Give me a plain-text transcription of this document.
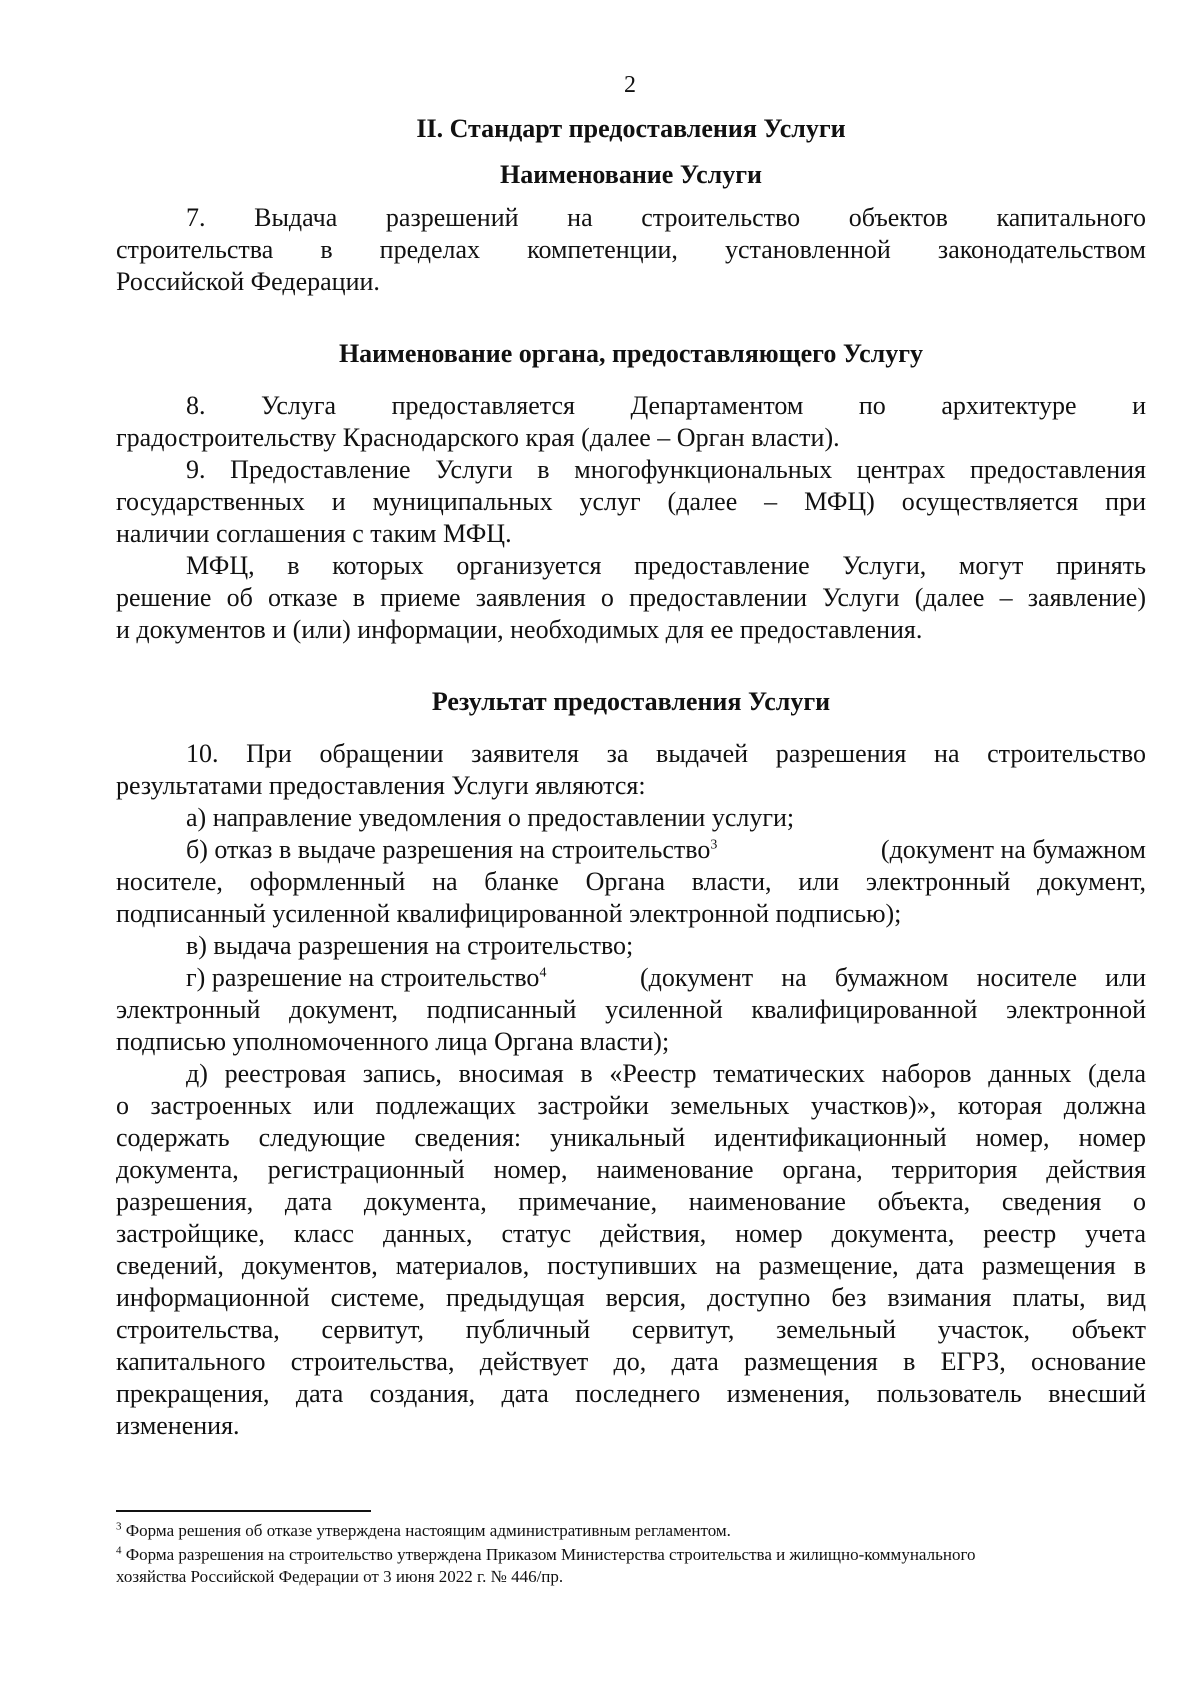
2
II. Стандарт предоставления Услуги
Наименование Услуги
7. Выдача разрешений на строительство объектов капитального
строительства в пределах компетенции, установленной законодательством
Российской Федерации.
Наименование органа, предоставляющего Услугу
8. Услуга предоставляется Департаментом по архитектуре и
градостроительству Краснодарского края (далее – Орган власти).
9. Предоставление Услуги в многофункциональных центрах предоставления
государственных и муниципальных услуг (далее – МФЦ) осуществляется при
наличии соглашения с таким МФЦ.
МФЦ, в которых организуется предоставление Услуги, могут принять
решение об отказе в приеме заявления о предоставлении Услуги (далее – заявление)
и документов и (или) информации, необходимых для ее предоставления.
Результат предоставления Услуги
10. При обращении заявителя за выдачей разрешения на строительство
результатами предоставления Услуги являются:
а) направление уведомления о предоставлении услуги;
б) отказ в выдаче разрешения на строительство$^3$	(документ на бумажном
носителе, оформленный на бланке Органа власти, или электронный документ,
подписанный усиленной квалифицированной электронной подписью);
в) выдача разрешения на строительство;
г) разрешение на строительство$^4$	(документ на бумажном носителе или
электронный документ, подписанный усиленной квалифицированной электронной
подписью уполномоченного лица Органа власти);
д) реестровая запись, вносимая в «Реестр тематических наборов данных (дела
о застроенных или подлежащих застройки земельных участков)», которая должна
содержать следующие сведения: уникальный идентификационный номер, номер
документа, регистрационный номер, наименование органа, территория действия
разрешения, дата документа, примечание, наименование объекта, сведения о
застройщике, класс данных, статус действия, номер документа, реестр учета
сведений, документов, материалов, поступивших на размещение, дата размещения в
информационной системе, предыдущая версия, доступно без взимания платы, вид
строительства, сервитут, публичный сервитут, земельный участок, объект
капитального строительства, действует до, дата размещения в ЕГРЗ, основание
прекращения, дата создания, дата последнего изменения, пользователь внесший
изменения.
$^3$ Форма решения об отказе утверждена настоящим административным регламентом.
$^4$ Форма разрешения на строительство утверждена Приказом Министерства строительства и жилищно-коммунального
хозяйства Российской Федерации от 3 июня 2022 г. № 446/пр.
